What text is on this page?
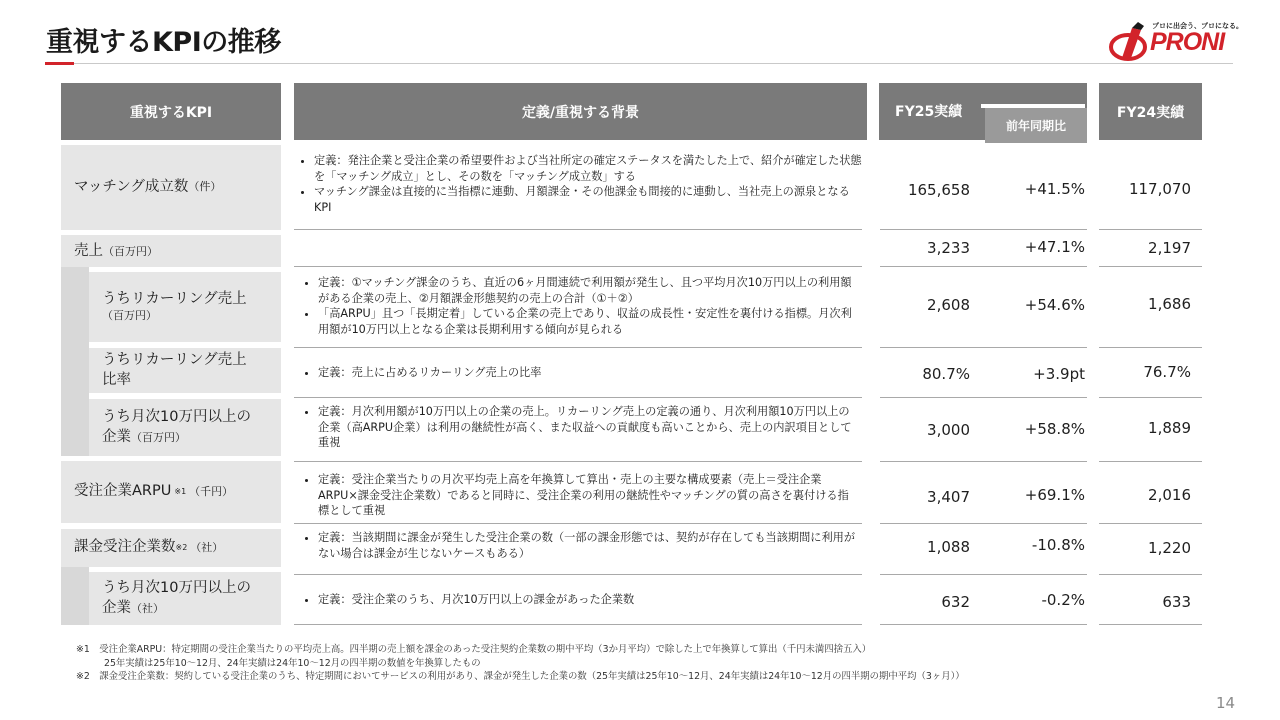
重視するKPIの推移
プロに出会う、プロになる。
PRONI
重視するKPI	定義/重視する背景	FY25実績
前年同期比
FY24実績
マッチング成立数 （件）
売上 （百万円）
うちリカーリング売上
（百万円）
うちリカーリング売上
比率
うち月次10万円以上の
企業（百万円）
受注企業ARPU ※1 （千円）
課金受注企業数 ※2 （社）
うち月次10万円以上の
企業（社）
• 定義：発注企業と受注企業の希望要件および当社所定の確定ステータスを満たした上で、紹介が確定した状態を「マッチング成立」とし、その数を「マッチング成立数」する
• マッチング課金は直接的に当指標に連動、月額課金・その他課金も間接的に連動し、当社売上の源泉となるKPI
• 定義：①マッチング課金のうち、直近の6ヶ月間連続で利用額が発生し、且つ平均月次10万円以上の利用額がある企業の売上、②月額課金形態契約の売上の合計（①＋②）
• 「高ARPU」且つ「長期定着」している企業の売上であり、収益の成長性・安定性を裏付ける指標。月次利用額が10万円以上となる企業は長期利用する傾向が見られる
• 定義：売上に占めるリカーリング売上の比率
• 定義：月次利用額が10万円以上の企業の売上。リカーリング売上の定義の通り、月次利用額10万円以上の企業（高ARPU企業）は利用の継続性が高く、また収益への貢献度も高いことから、売上の内訳項目として重視
• 定義：受注企業当たりの月次平均売上高を年換算して算出・売上の主要な構成要素（売上＝受注企業ARPU×課金受注企業数）であると同時に、受注企業の利用の継続性やマッチングの質の高さを裏付ける指標として重視
• 定義：当該期間に課金が発生した受注企業の数（一部の課金形態では、契約が存在しても当該期間に利用がない場合は課金が生じないケースもある）
• 定義：受注企業のうち、月次10万円以上の課金があった企業数
165,658
3,233
2,608
80.7%
3,000
3,407
1,088
632
+41.5%
+47.1%
+54.6%
+3.9pt
+58.8%
+69.1%
-10.8%
-0.2%
117,070
2,197
1,686
76.7%
1,889
2,016
1,220
633
※1　受注企業ARPU：特定期間の受注企業当たりの平均売上高。四半期の売上額を課金のあった受注契約企業数の期中平均（3か月平均）で除した上で年換算して算出（千円未満四捨五入）
25年実績は25年10～12月、24年実績は24年10～12月の四半期の数値を年換算したもの
※2　課金受注企業数：契約している受注企業のうち、特定期間においてサービスの利用があり、課金が発生した企業の数（25年実績は25年10～12月、24年実績は24年10～12月の四半期の期中平均（3ヶ月））
14
